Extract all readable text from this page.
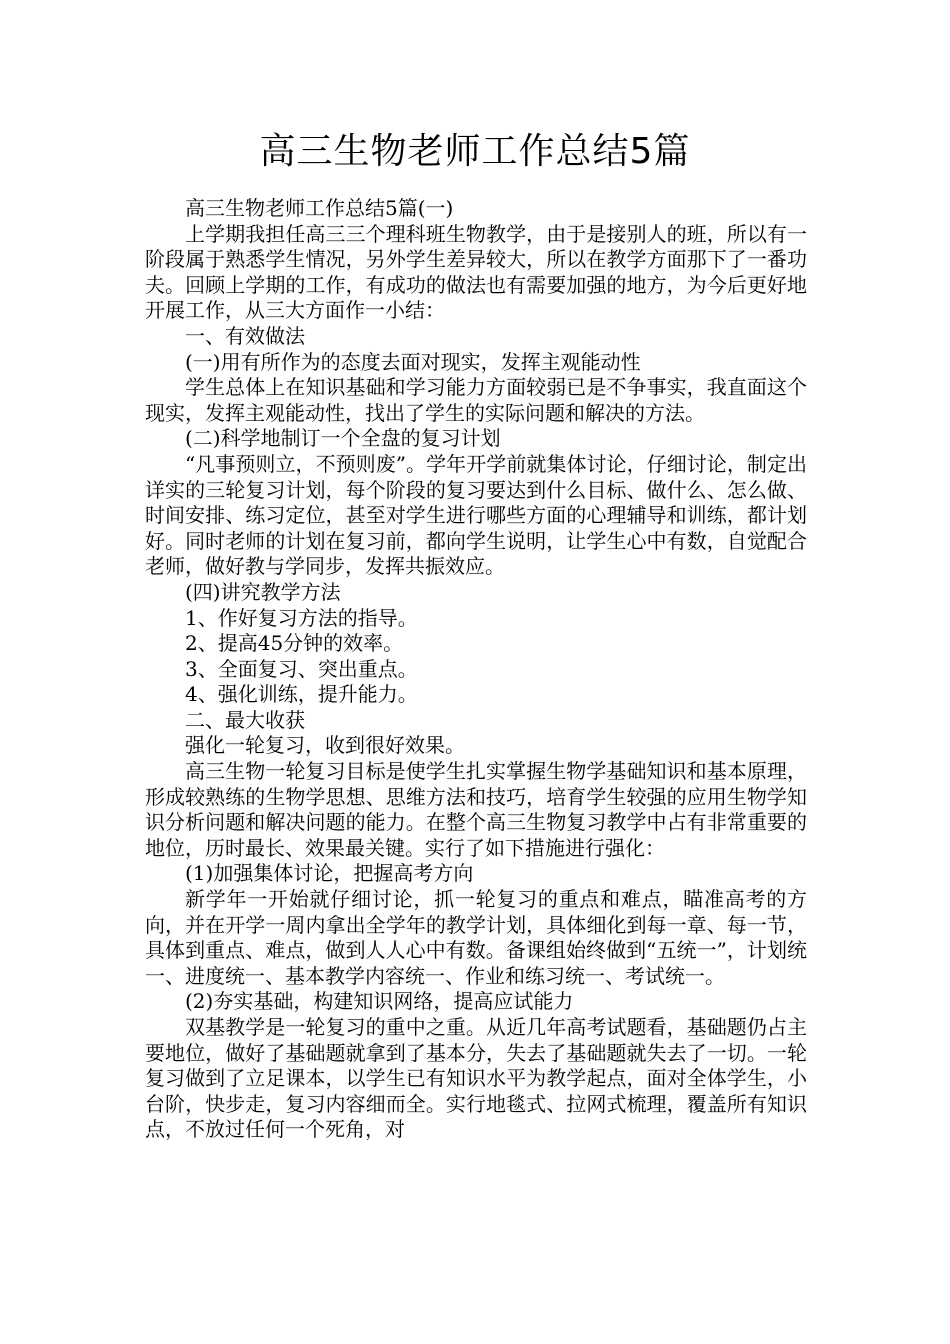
高三生物老师工作总结5篇

高三生物老师工作总结5篇(一)

上学期我担任高三三个理科班生物教学，由于是接别人的班，所以有一阶段属于熟悉学生情况，另外学生差异较大，所以在教学方面那下了一番功夫。回顾上学期的工作，有成功的做法也有需要加强的地方，为今后更好地开展工作，从三大方面作一小结：

一、有效做法

(一)用有所作为的态度去面对现实，发挥主观能动性

学生总体上在知识基础和学习能力方面较弱已是不争事实，我直面这个现实，发挥主观能动性，找出了学生的实际问题和解决的方法。

(二)科学地制订一个全盘的复习计划

“凡事预则立，不预则废”。学年开学前就集体讨论，仔细讨论，制定出详实的三轮复习计划，每个阶段的复习要达到什么目标、做什么、怎么做、时间安排、练习定位，甚至对学生进行哪些方面的心理辅导和训练，都计划好。同时老师的计划在复习前，都向学生说明，让学生心中有数，自觉配合老师，做好教与学同步，发挥共振效应。

(四)讲究教学方法

1、作好复习方法的指导。

2、提高45分钟的效率。

3、全面复习、突出重点。

4、强化训练，提升能力。

二、最大收获

强化一轮复习，收到很好效果。

高三生物一轮复习目标是使学生扎实掌握生物学基础知识和基本原理，形成较熟练的生物学思想、思维方法和技巧，培育学生较强的应用生物学知识分析问题和解决问题的能力。在整个高三生物复习教学中占有非常重要的地位，历时最长、效果最关键。实行了如下措施进行强化：

(1)加强集体讨论，把握高考方向

新学年一开始就仔细讨论，抓一轮复习的重点和难点，瞄准高考的方向，并在开学一周内拿出全学年的教学计划，具体细化到每一章、每一节，具体到重点、难点，做到人人心中有数。备课组始终做到“五统一”，计划统一、进度统一、基本教学内容统一、作业和练习统一、考试统一。

(2)夯实基础，构建知识网络，提高应试能力

双基教学是一轮复习的重中之重。从近几年高考试题看，基础题仍占主要地位，做好了基础题就拿到了基本分，失去了基础题就失去了一切。一轮复习做到了立足课本，以学生已有知识水平为教学起点，面对全体学生，小台阶，快步走，复习内容细而全。实行地毯式、拉网式梳理，覆盖所有知识点，不放过任何一个死角，对
